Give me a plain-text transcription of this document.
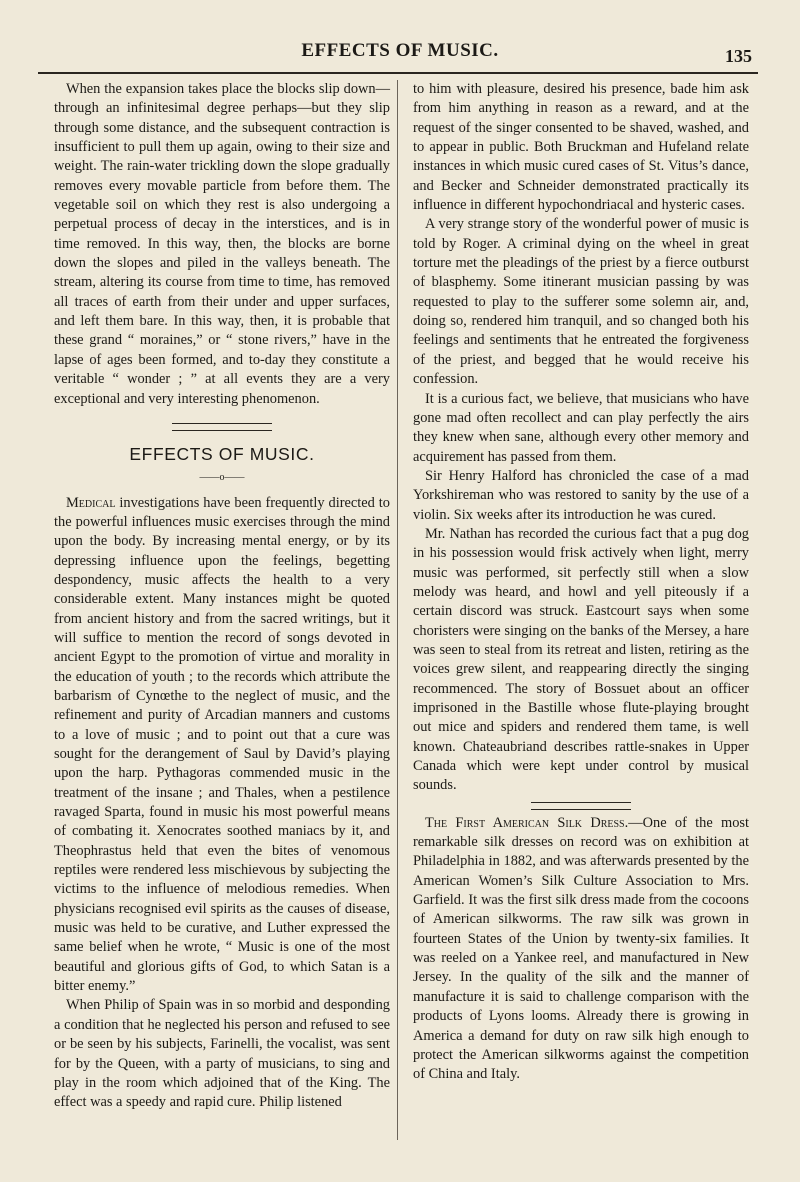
EFFECTS OF MUSIC.	135

When the expansion takes place the blocks slip down—through an infinitesimal degree perhaps—but they slip through some distance, and the subsequent contraction is insufficient to pull them up again, owing to their size and weight. The rain-water trickling down the slope gradually removes every movable particle from before them. The vegetable soil on which they rest is also undergoing a perpetual process of decay in the interstices, and is in time removed. In this way, then, the blocks are borne down the slopes and piled in the valleys beneath. The stream, altering its course from time to time, has removed all traces of earth from their under and upper surfaces, and left them bare. In this way, then, it is probable that these grand “ moraines,” or “ stone rivers,” have in the lapse of ages been formed, and to-day they constitute a veritable “ wonder ; ” at all events they are a very exceptional and very interesting phenomenon.

EFFECTS OF MUSIC.
——o——

Medical investigations have been frequently directed to the powerful influences music exercises through the mind upon the body. By increasing mental energy, or by its depressing influence upon the feelings, begetting despondency, music affects the health to a very considerable extent. Many instances might be quoted from ancient history and from the sacred writings, but it will suffice to mention the record of songs devoted in ancient Egypt to the promotion of virtue and morality in the education of youth ; to the records which attribute the barbarism of Cynœthe to the neglect of music, and the refinement and purity of Arcadian manners and customs to a love of music ; and to point out that a cure was sought for the derangement of Saul by David’s playing upon the harp. Pythagoras commended music in the treatment of the insane ; and Thales, when a pestilence ravaged Sparta, found in music his most powerful means of combating it. Xenocrates soothed maniacs by it, and Theophrastus held that even the bites of venomous reptiles were rendered less mischievous by subjecting the victims to the influence of melodious remedies. When physicians recognised evil spirits as the causes of disease, music was held to be curative, and Luther expressed the same belief when he wrote, “ Music is one of the most beautiful and glorious gifts of God, to which Satan is a bitter enemy.”

When Philip of Spain was in so morbid and desponding a condition that he neglected his person and refused to see or be seen by his subjects, Farinelli, the vocalist, was sent for by the Queen, with a party of musicians, to sing and play in the room which adjoined that of the King. The effect was a speedy and rapid cure. Philip listened

to him with pleasure, desired his presence, bade him ask from him anything in reason as a reward, and at the request of the singer consented to be shaved, washed, and to appear in public. Both Bruckman and Hufeland relate instances in which music cured cases of St. Vitus’s dance, and Becker and Schneider demonstrated practically its influence in different hypochondriacal and hysteric cases.

A very strange story of the wonderful power of music is told by Roger. A criminal dying on the wheel in great torture met the pleadings of the priest by a fierce outburst of blasphemy. Some itinerant musician passing by was requested to play to the sufferer some solemn air, and, doing so, rendered him tranquil, and so changed both his feelings and sentiments that he entreated the forgiveness of the priest, and begged that he would receive his confession.

It is a curious fact, we believe, that musicians who have gone mad often recollect and can play perfectly the airs they knew when sane, although every other memory and acquirement has passed from them.

Sir Henry Halford has chronicled the case of a mad Yorkshireman who was restored to sanity by the use of a violin. Six weeks after its introduction he was cured.

Mr. Nathan has recorded the curious fact that a pug dog in his possession would frisk actively when light, merry music was performed, sit perfectly still when a slow melody was heard, and howl and yell piteously if a certain discord was struck. Eastcourt says when some choristers were singing on the banks of the Mersey, a hare was seen to steal from its retreat and listen, retiring as the voices grew silent, and reappearing directly the singing recommenced. The story of Bossuet about an officer imprisoned in the Bastille whose flute-playing brought out mice and spiders and rendered them tame, is well known. Chateaubriand describes rattle-snakes in Upper Canada which were kept under control by musical sounds.

The First American Silk Dress.—One of the most remarkable silk dresses on record was on exhibition at Philadelphia in 1882, and was afterwards presented by the American Women’s Silk Culture Association to Mrs. Garfield. It was the first silk dress made from the cocoons of American silkworms. The raw silk was grown in fourteen States of the Union by twenty-six families. It was reeled on a Yankee reel, and manufactured in New Jersey. In the quality of the silk and the manner of manufacture it is said to challenge comparison with the products of Lyons looms. Already there is growing in America a demand for duty on raw silk high enough to protect the American silkworms against the competition of China and Italy.
